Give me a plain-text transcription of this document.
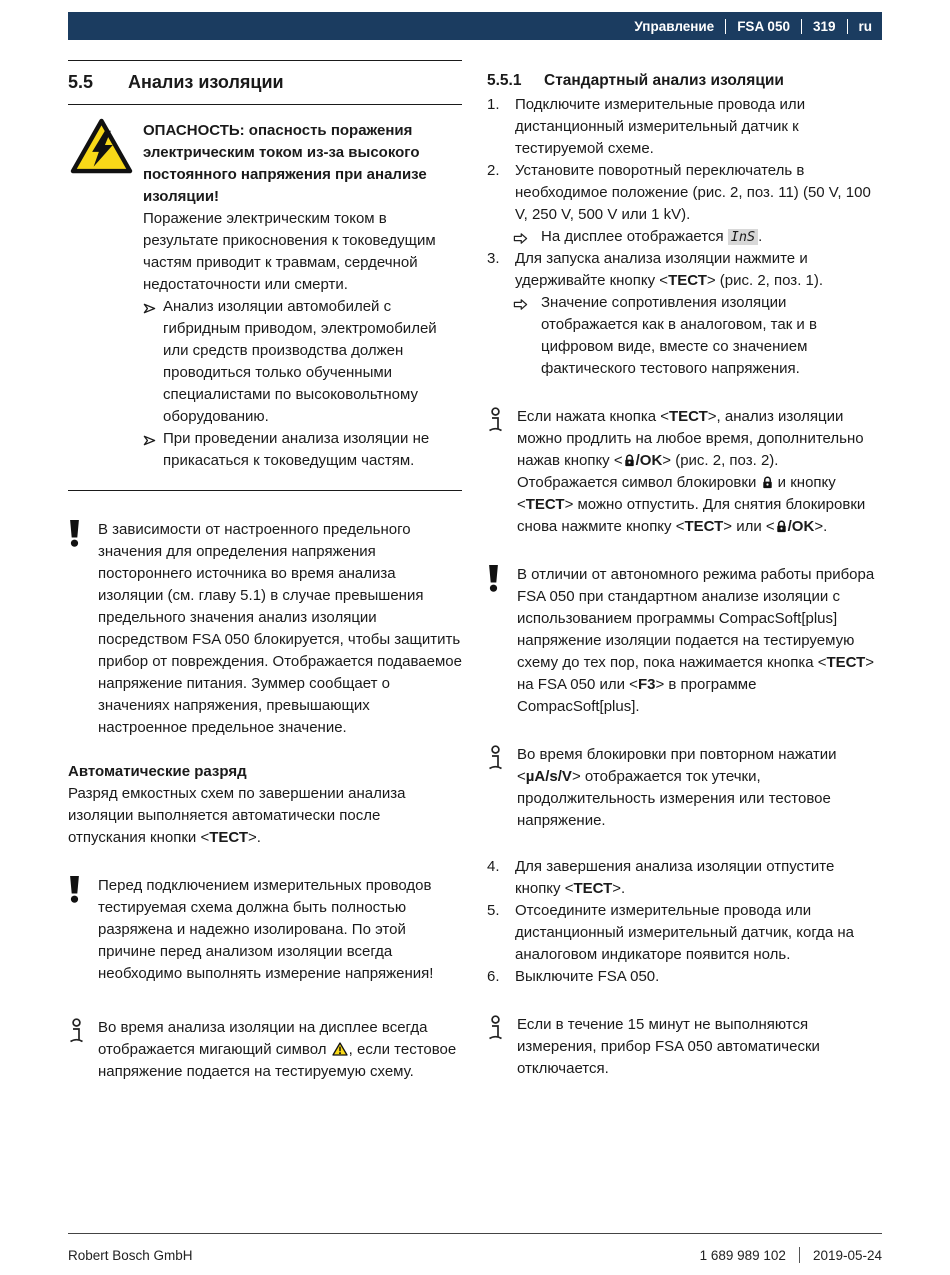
Управление FSA 050 319 ru
5.5	Анализ изоляции
ОПАСНОСТЬ: опасность поражения электрическим током из-за высокого постоянного напряжения при анализе изоляции!
Поражение электрическим током в результате прикосновения к токоведущим частям приводит к травмам, сердечной недостаточности или смерти.
Анализ изоляции автомобилей с гибридным приводом, электромобилей или средств производства должен проводиться только обученными специалистами по высоковольтному оборудованию.
При проведении анализа изоляции не прикасаться к токоведущим частям.
В зависимости от настроенного предельного значения для определения напряжения постороннего источника во время анализа изоляции (см. главу 5.1) в случае превышения предельного значения анализ изоляции посредством FSA 050 блокируется, чтобы защитить прибор от повреждения. Отображается подаваемое напряжение питания. Зуммер сообщает о значениях напряжения, превышающих настроенное предельное значение.
Автоматические разряд
Разряд емкостных схем по завершении анализа изоляции выполняется автоматически после отпускания кнопки <ТЕСТ>.
Перед подключением измерительных проводов тестируемая схема должна быть полностью разряжена и надежно изолирована. По этой причине перед анализом изоляции всегда необходимо выполнять измерение напряжения!
Во время анализа изоляции на дисплее всегда отображается мигающий символ , если тестовое напряжение подается на тестируемую схему.
5.5.1	Стандартный анализ изоляции
1. Подключите измерительные провода или дистанционный измерительный датчик к тестируемой схеме.
2. Установите поворотный переключатель в необходимое положение (рис. 2, поз. 11) (50 V, 100 V, 250 V, 500 V или 1 kV).
На дисплее отображается InS .
3. Для запуска анализа изоляции нажмите и удерживайте кнопку <ТЕСТ> (рис. 2, поз. 1).
Значение сопротивления изоляции отображается как в аналоговом, так и в цифровом виде, вместе со значением фактического тестового напряжения.
Если нажата кнопка <ТЕСТ>, анализ изоляции можно продлить на любое время, дополнительно нажав кнопку < /OK> (рис. 2, поз. 2). Отображается символ блокировки  и кнопку <ТЕСТ> можно отпустить. Для снятия блокировки снова нажмите кнопку <ТЕСТ> или < /OK>.
В отличии от автономного режима работы прибора FSA 050 при стандартном анализе изоляции с использованием программы CompacSoft[plus] напряжение изоляции подается на тестируемую схему до тех пор, пока нажимается кнопка <ТЕСТ> на FSA 050 или <F3> в программе CompacSoft[plus].
Во время блокировки при повторном нажатии <µA/s/V> отображается ток утечки, продолжительность измерения или тестовое напряжение.
4. Для завершения анализа изоляции отпустите кнопку <ТЕСТ>.
5. Отсоедините измерительные провода или дистанционный измерительный датчик, когда на аналоговом индикаторе появится ноль.
6. Выключите FSA 050.
Если в течение 15 минут не выполняются измерения, прибор FSA 050 автоматически отключается.
Robert Bosch GmbH	1 689 989 102 2019-05-24
